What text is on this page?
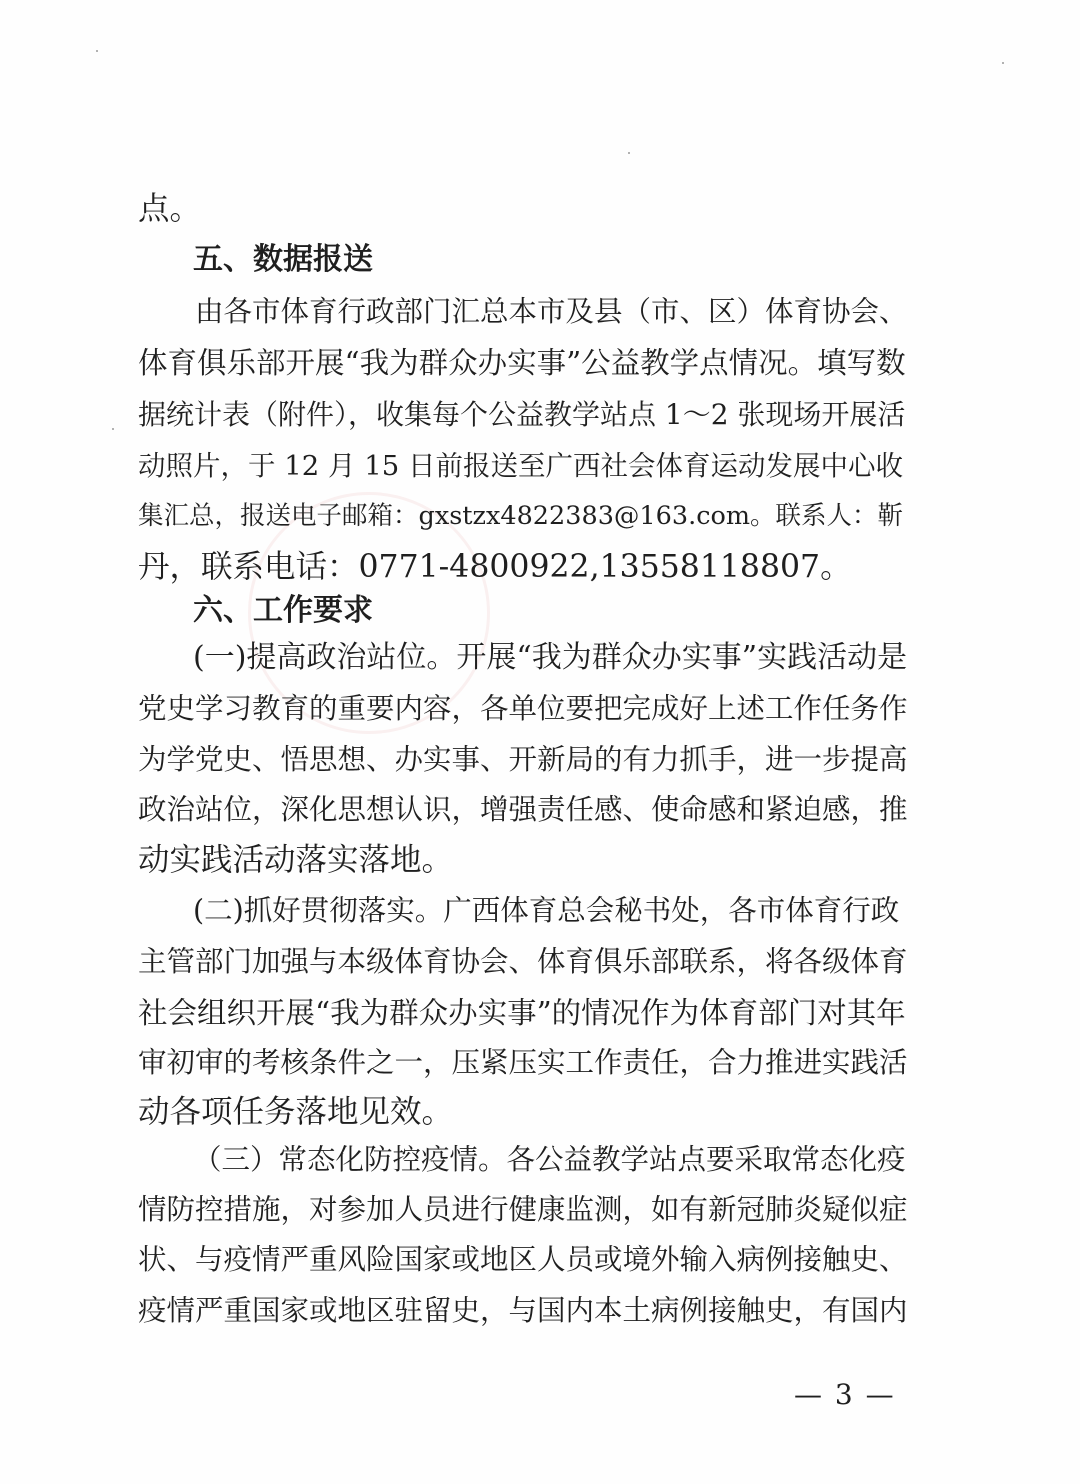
点。
五、数据报送
由各市体育行政部门汇总本市及县（市、区）体育协会、
体育俱乐部开展“我为群众办实事”公益教学点情况。填写数
据统计表（附件），收集每个公益教学站点 1～2 张现场开展活
动照片，于 12 月 15 日前报送至广西社会体育运动发展中心收
集汇总，报送电子邮箱：gxstzx4822383@163.com。联系人：靳
丹，联系电话：0771-4800922,13558118807。
六、工作要求
(一)提高政治站位。开展“我为群众办实事”实践活动是
党史学习教育的重要内容，各单位要把完成好上述工作任务作
为学党史、悟思想、办实事、开新局的有力抓手，进一步提高
政治站位，深化思想认识，增强责任感、使命感和紧迫感，推
动实践活动落实落地。
(二)抓好贯彻落实。广西体育总会秘书处，各市体育行政
主管部门加强与本级体育协会、体育俱乐部联系，将各级体育
社会组织开展“我为群众办实事”的情况作为体育部门对其年
审初审的考核条件之一，压紧压实工作责任，合力推进实践活
动各项任务落地见效。
（三）常态化防控疫情。各公益教学站点要采取常态化疫
情防控措施，对参加人员进行健康监测，如有新冠肺炎疑似症
状、与疫情严重风险国家或地区人员或境外输入病例接触史、
疫情严重国家或地区驻留史，与国内本土病例接触史，有国内
— 3 —
